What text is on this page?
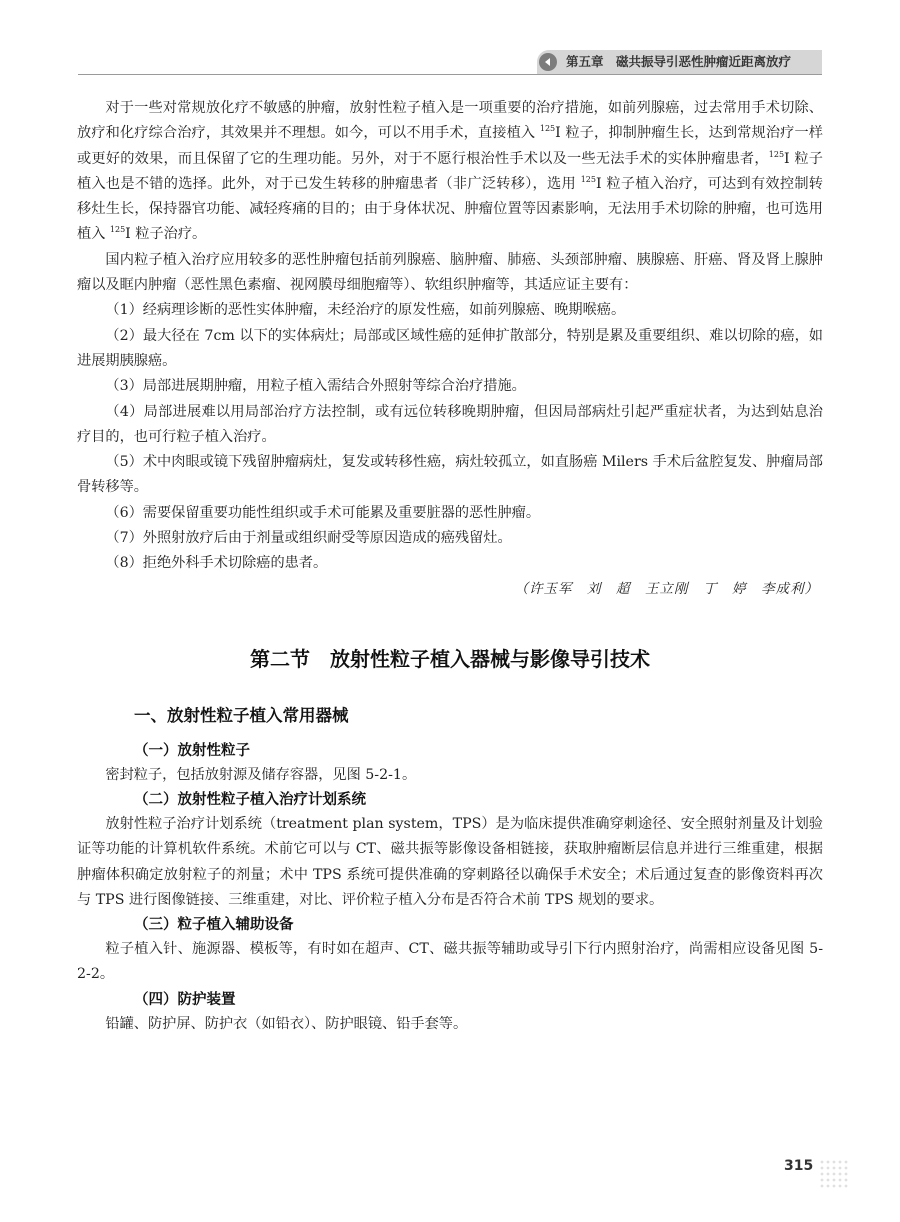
第五章　磁共振导引恶性肿瘤近距离放疗

对于一些对常规放化疗不敏感的肿瘤，放射性粒子植入是一项重要的治疗措施，如前列腺癌，过去常用手术切除、放疗和化疗综合治疗，其效果并不理想。如今，可以不用手术，直接植入 $^{125}$I 粒子，抑制肿瘤生长，达到常规治疗一样或更好的效果，而且保留了它的生理功能。另外，对于不愿行根治性手术以及一些无法手术的实体肿瘤患者，$^{125}$I 粒子植入也是不错的选择。此外，对于已发生转移的肿瘤患者（非广泛转移），选用 $^{125}$I 粒子植入治疗，可达到有效控制转移灶生长，保持器官功能、减轻疼痛的目的；由于身体状况、肿瘤位置等因素影响，无法用手术切除的肿瘤，也可选用植入 $^{125}$I 粒子治疗。

国内粒子植入治疗应用较多的恶性肿瘤包括前列腺癌、脑肿瘤、肺癌、头颈部肿瘤、胰腺癌、肝癌、肾及肾上腺肿瘤以及眶内肿瘤（恶性黑色素瘤、视网膜母细胞瘤等）、软组织肿瘤等，其适应证主要有：

（1）经病理诊断的恶性实体肿瘤，未经治疗的原发性癌，如前列腺癌、晚期喉癌。

（2）最大径在 7cm 以下的实体病灶；局部或区域性癌的延伸扩散部分，特别是累及重要组织、难以切除的癌，如进展期胰腺癌。

（3）局部进展期肿瘤，用粒子植入需结合外照射等综合治疗措施。

（4）局部进展难以用局部治疗方法控制，或有远位转移晚期肿瘤，但因局部病灶引起严重症状者，为达到姑息治疗目的，也可行粒子植入治疗。

（5）术中肉眼或镜下残留肿瘤病灶，复发或转移性癌，病灶较孤立，如直肠癌 Milers 手术后盆腔复发、肿瘤局部骨转移等。

（6）需要保留重要功能性组织或手术可能累及重要脏器的恶性肿瘤。

（7）外照射放疗后由于剂量或组织耐受等原因造成的癌残留灶。

（8）拒绝外科手术切除癌的患者。

（许玉军　刘　超　王立刚　丁　婷　李成利）

第二节　放射性粒子植入器械与影像导引技术
一、放射性粒子植入常用器械
（一）放射性粒子

密封粒子，包括放射源及储存容器，见图 5-2-1。

（二）放射性粒子植入治疗计划系统

放射性粒子治疗计划系统（treatment plan system，TPS）是为临床提供准确穿刺途径、安全照射剂量及计划验证等功能的计算机软件系统。术前它可以与 CT、磁共振等影像设备相链接，获取肿瘤断层信息并进行三维重建，根据肿瘤体积确定放射粒子的剂量；术中 TPS 系统可提供准确的穿刺路径以确保手术安全；术后通过复查的影像资料再次与 TPS 进行图像链接、三维重建，对比、评价粒子植入分布是否符合术前 TPS 规划的要求。

（三）粒子植入辅助设备

粒子植入针、施源器、模板等，有时如在超声、CT、磁共振等辅助或导引下行内照射治疗，尚需相应设备见图 5-2-2。

（四）防护装置

铅罐、防护屏、防护衣（如铅衣）、防护眼镜、铅手套等。

315
